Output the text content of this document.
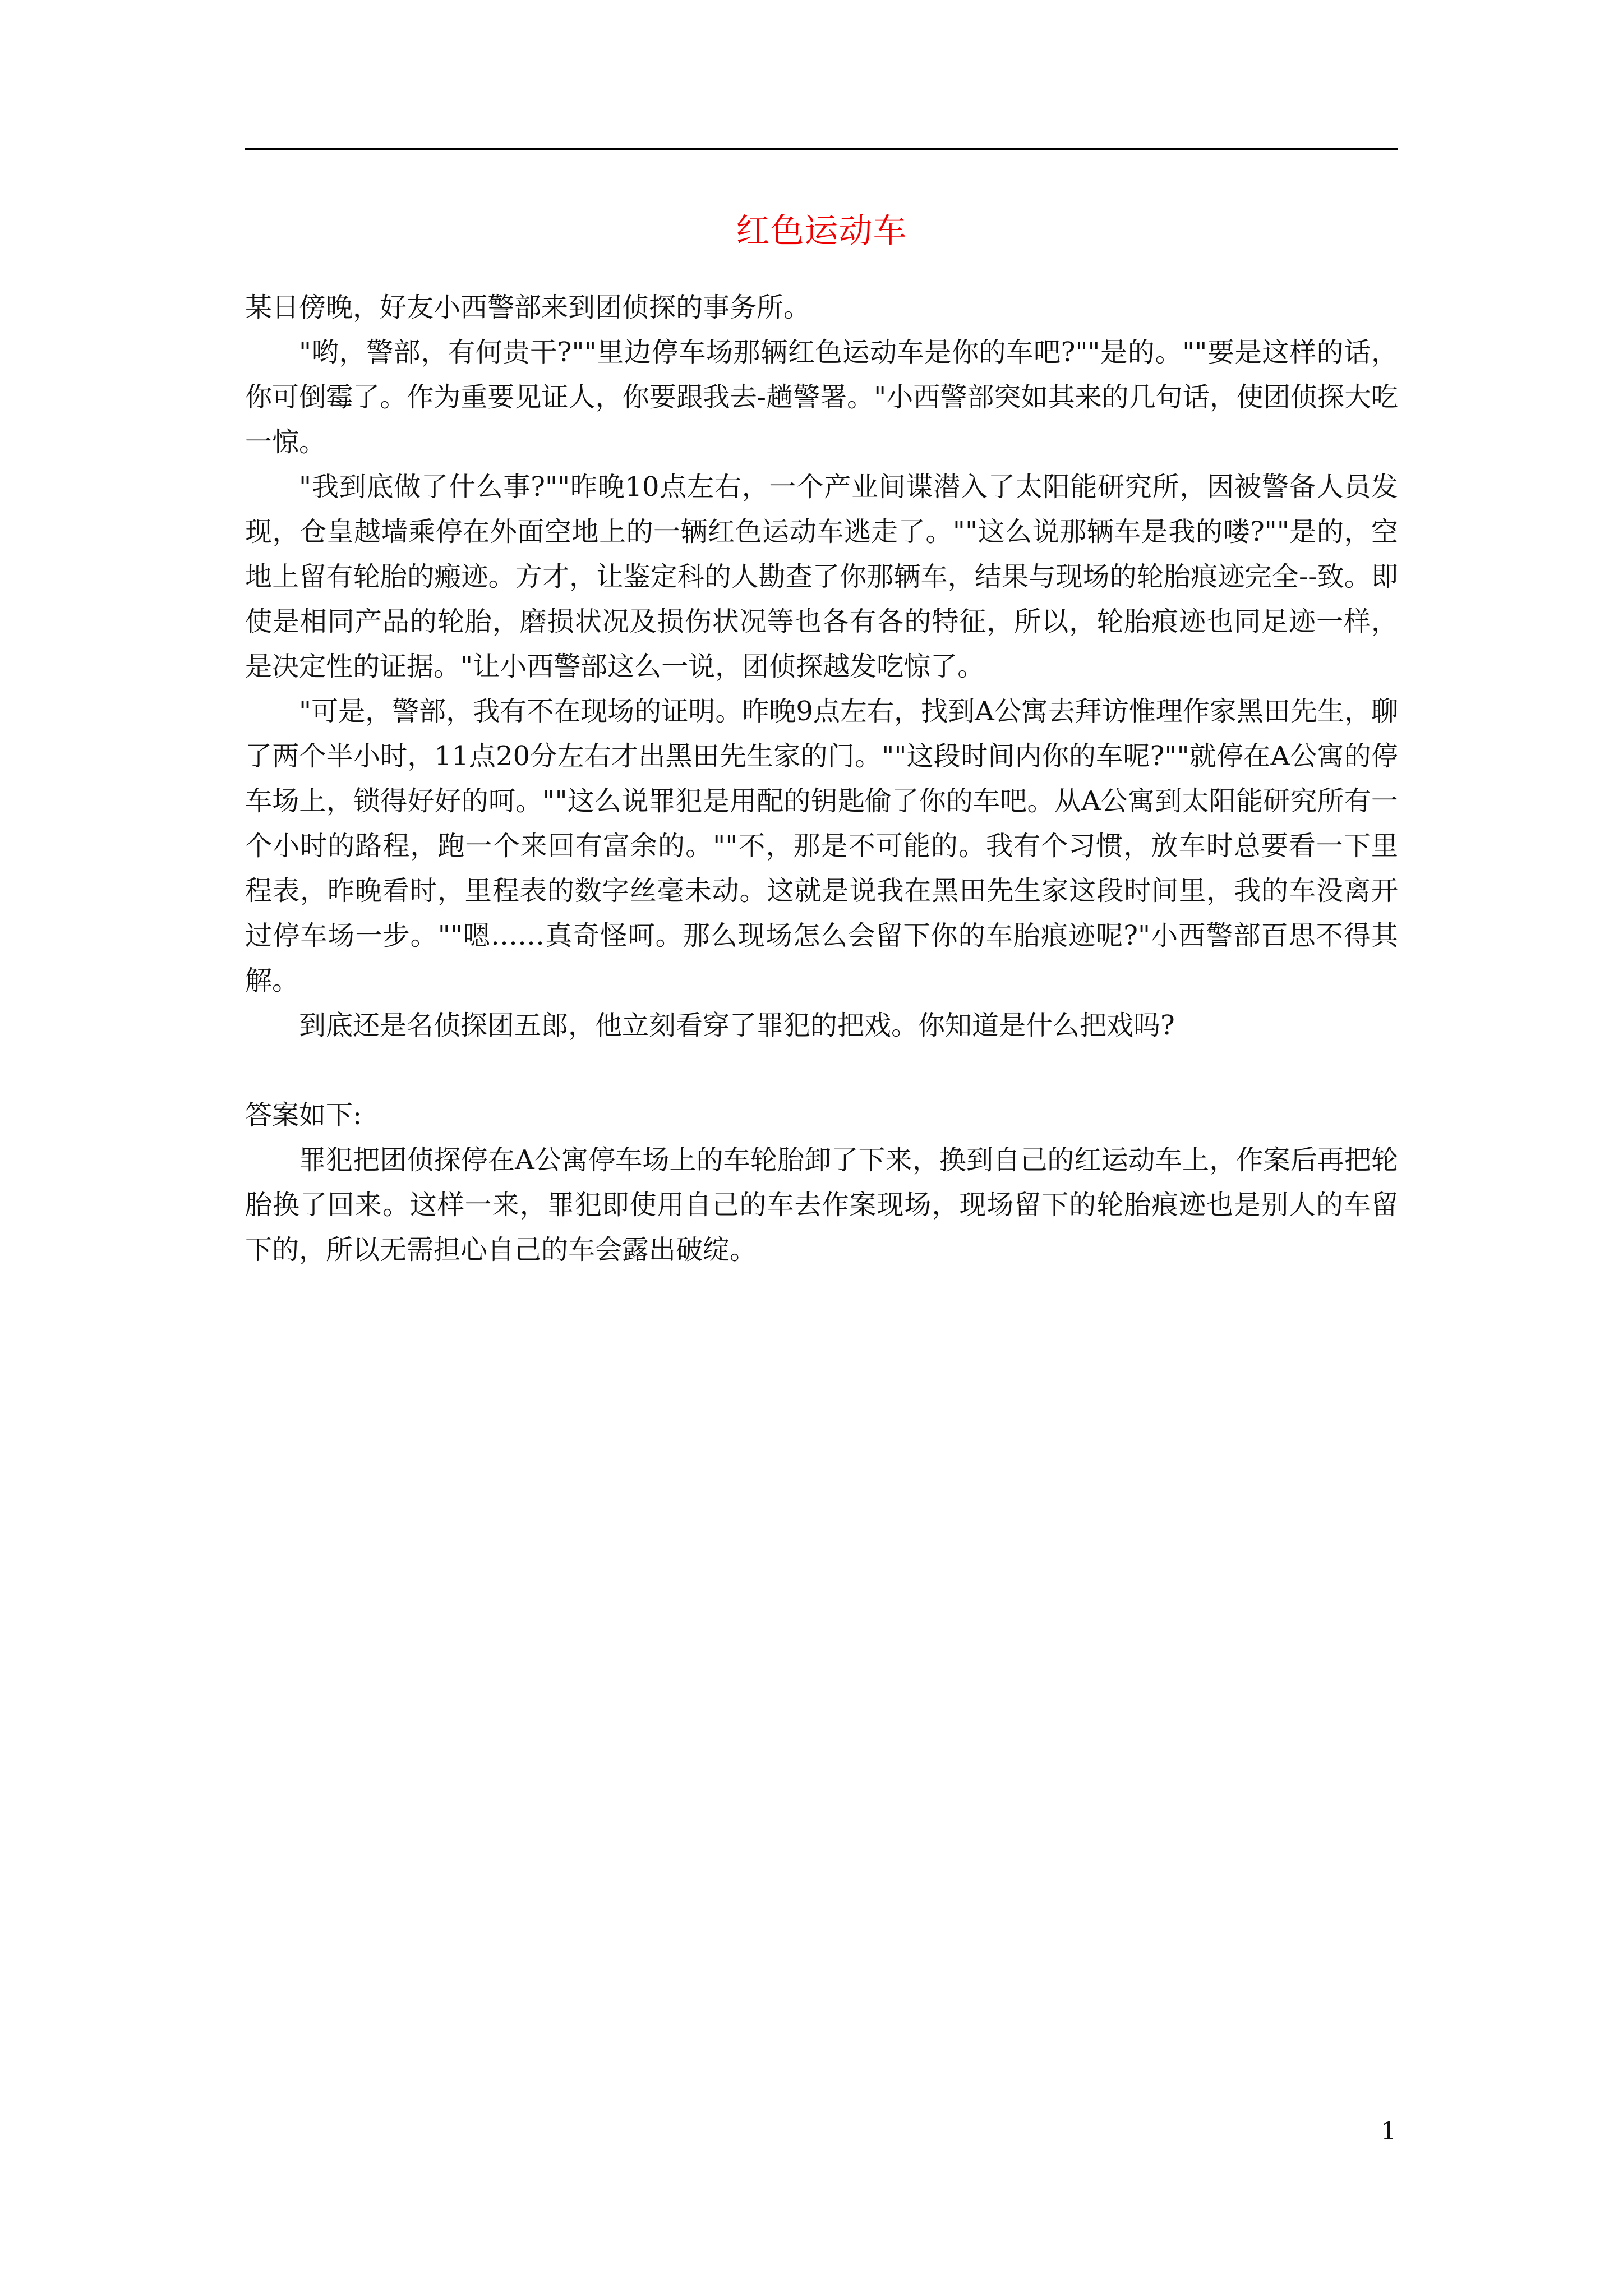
红色运动车

某日傍晚，好友小西警部来到团侦探的事务所。

"哟，警部，有何贵干?""里边停车场那辆红色运动车是你的车吧?""是的。""要是这样的话，你可倒霉了。作为重要见证人，你要跟我去-趟警署。"小西警部突如其来的几句话，使团侦探大吃一惊。

"我到底做了什么事?""昨晚10点左右，一个产业间谍潜入了太阳能研究所，因被警备人员发现，仓皇越墙乘停在外面空地上的一辆红色运动车逃走了。""这么说那辆车是我的喽?""是的，空地上留有轮胎的瘢迹。方才，让鉴定科的人勘查了你那辆车，结果与现场的轮胎痕迹完全--致。即使是相同产品的轮胎，磨损状况及损伤状况等也各有各的特征，所以，轮胎痕迹也同足迹一样，是决定性的证据。"让小西警部这么一说，团侦探越发吃惊了。

"可是，警部，我有不在现场的证明。昨晚9点左右，找到A公寓去拜访惟理作家黑田先生，聊了两个半小时，11点20分左右才出黑田先生家的门。""这段时间内你的车呢?""就停在A公寓的停车场上，锁得好好的呵。""这么说罪犯是用配的钥匙偷了你的车吧。从A公寓到太阳能研究所有一个小时的路程，跑一个来回有富余的。""不，那是不可能的。我有个习惯，放车时总要看一下里程表，昨晚看时，里程表的数字丝毫未动。这就是说我在黑田先生家这段时间里，我的车没离开过停车场一步。""嗯……真奇怪呵。那么现场怎么会留下你的车胎痕迹呢?"小西警部百思不得其解。

到底还是名侦探团五郎，他立刻看穿了罪犯的把戏。你知道是什么把戏吗?

答案如下:

罪犯把团侦探停在A公寓停车场上的车轮胎卸了下来，换到自己的红运动车上，作案后再把轮胎换了回来。这样一来，罪犯即使用自己的车去作案现场，现场留下的轮胎痕迹也是别人的车留下的，所以无需担心自己的车会露出破绽。

1
